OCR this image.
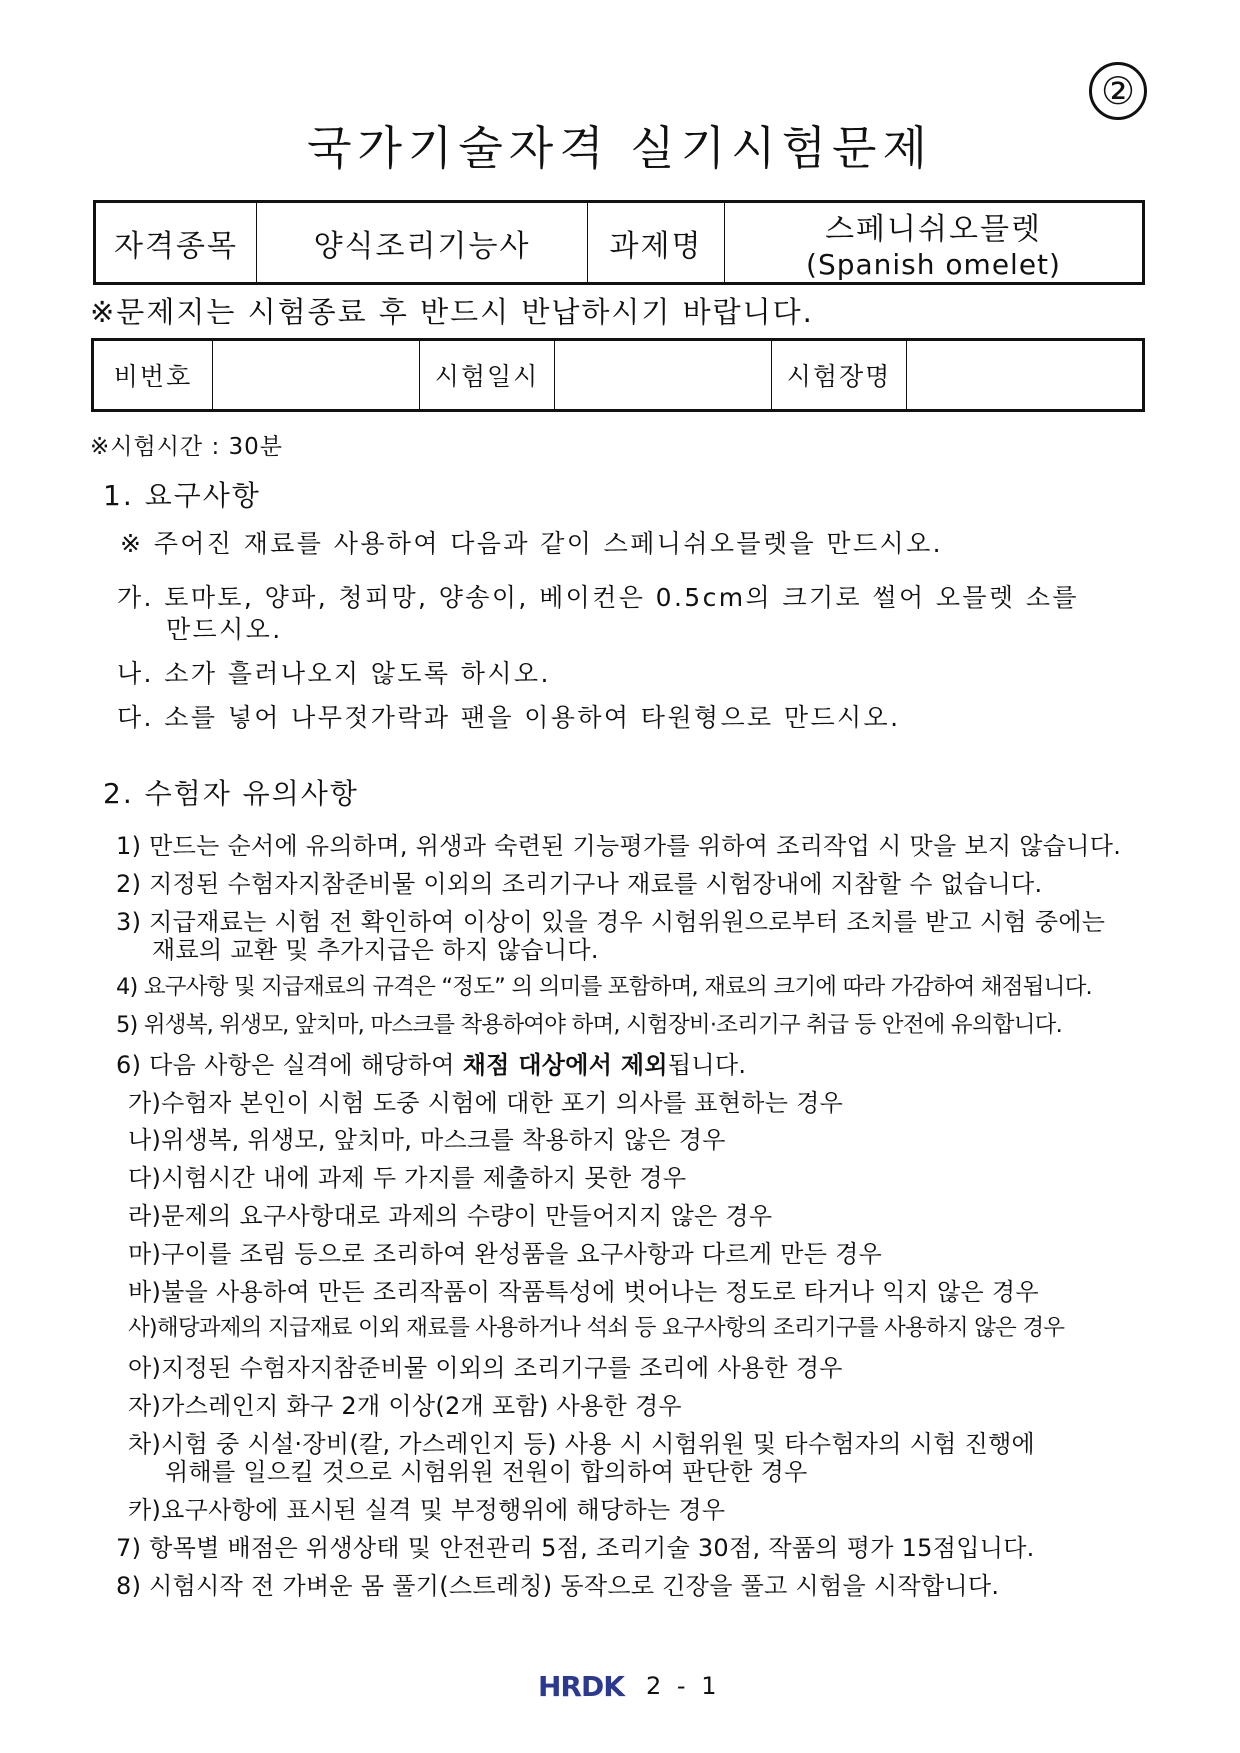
②
국가기술자격 실기시험문제
자격종목	양식조리기능사	과제명	스페니쉬오믈렛
(Spanish omelet)
※문제지는 시험종료 후 반드시 반납하시기 바랍니다.
비번호		시험일시		시험장명	
※시험시간 : 30분
1. 요구사항
※ 주어진 재료를 사용하여 다음과 같이 스페니쉬오믈렛을 만드시오.
가. 토마토, 양파, 청피망, 양송이, 베이컨은 0.5cm의 크기로 썰어 오믈렛 소를
만드시오.
나. 소가 흘러나오지 않도록 하시오.
다. 소를 넣어 나무젓가락과 팬을 이용하여 타원형으로 만드시오.
2. 수험자 유의사항
1) 만드는 순서에 유의하며, 위생과 숙련된 기능평가를 위하여 조리작업 시 맛을 보지 않습니다.
2) 지정된 수험자지참준비물 이외의 조리기구나 재료를 시험장내에 지참할 수 없습니다.
3) 지급재료는 시험 전 확인하여 이상이 있을 경우 시험위원으로부터 조치를 받고 시험 중에는
재료의 교환 및 추가지급은 하지 않습니다.
4) 요구사항 및 지급재료의 규격은 “정도” 의 의미를 포함하며, 재료의 크기에 따라 가감하여 채점됩니다.
5) 위생복, 위생모, 앞치마, 마스크를 착용하여야 하며, 시험장비·조리기구 취급 등 안전에 유의합니다.
6) 다음 사항은 실격에 해당하여 채점 대상에서 제외됩니다.
가)수험자 본인이 시험 도중 시험에 대한 포기 의사를 표현하는 경우
나)위생복, 위생모, 앞치마, 마스크를 착용하지 않은 경우
다)시험시간 내에 과제 두 가지를 제출하지 못한 경우
라)문제의 요구사항대로 과제의 수량이 만들어지지 않은 경우
마)구이를 조림 등으로 조리하여 완성품을 요구사항과 다르게 만든 경우
바)불을 사용하여 만든 조리작품이 작품특성에 벗어나는 정도로 타거나 익지 않은 경우
사)해당과제의 지급재료 이외 재료를 사용하거나 석쇠 등 요구사항의 조리기구를 사용하지 않은 경우
아)지정된 수험자지참준비물 이외의 조리기구를 조리에 사용한 경우
자)가스레인지 화구 2개 이상(2개 포함) 사용한 경우
차)시험 중 시설·장비(칼, 가스레인지 등) 사용 시 시험위원 및 타수험자의 시험 진행에
위해를 일으킬 것으로 시험위원 전원이 합의하여 판단한 경우
카)요구사항에 표시된 실격 및 부정행위에 해당하는 경우
7) 항목별 배점은 위생상태 및 안전관리 5점, 조리기술 30점, 작품의 평가 15점입니다.
8) 시험시작 전 가벼운 몸 풀기(스트레칭) 동작으로 긴장을 풀고 시험을 시작합니다.
HRDK 2 - 1
